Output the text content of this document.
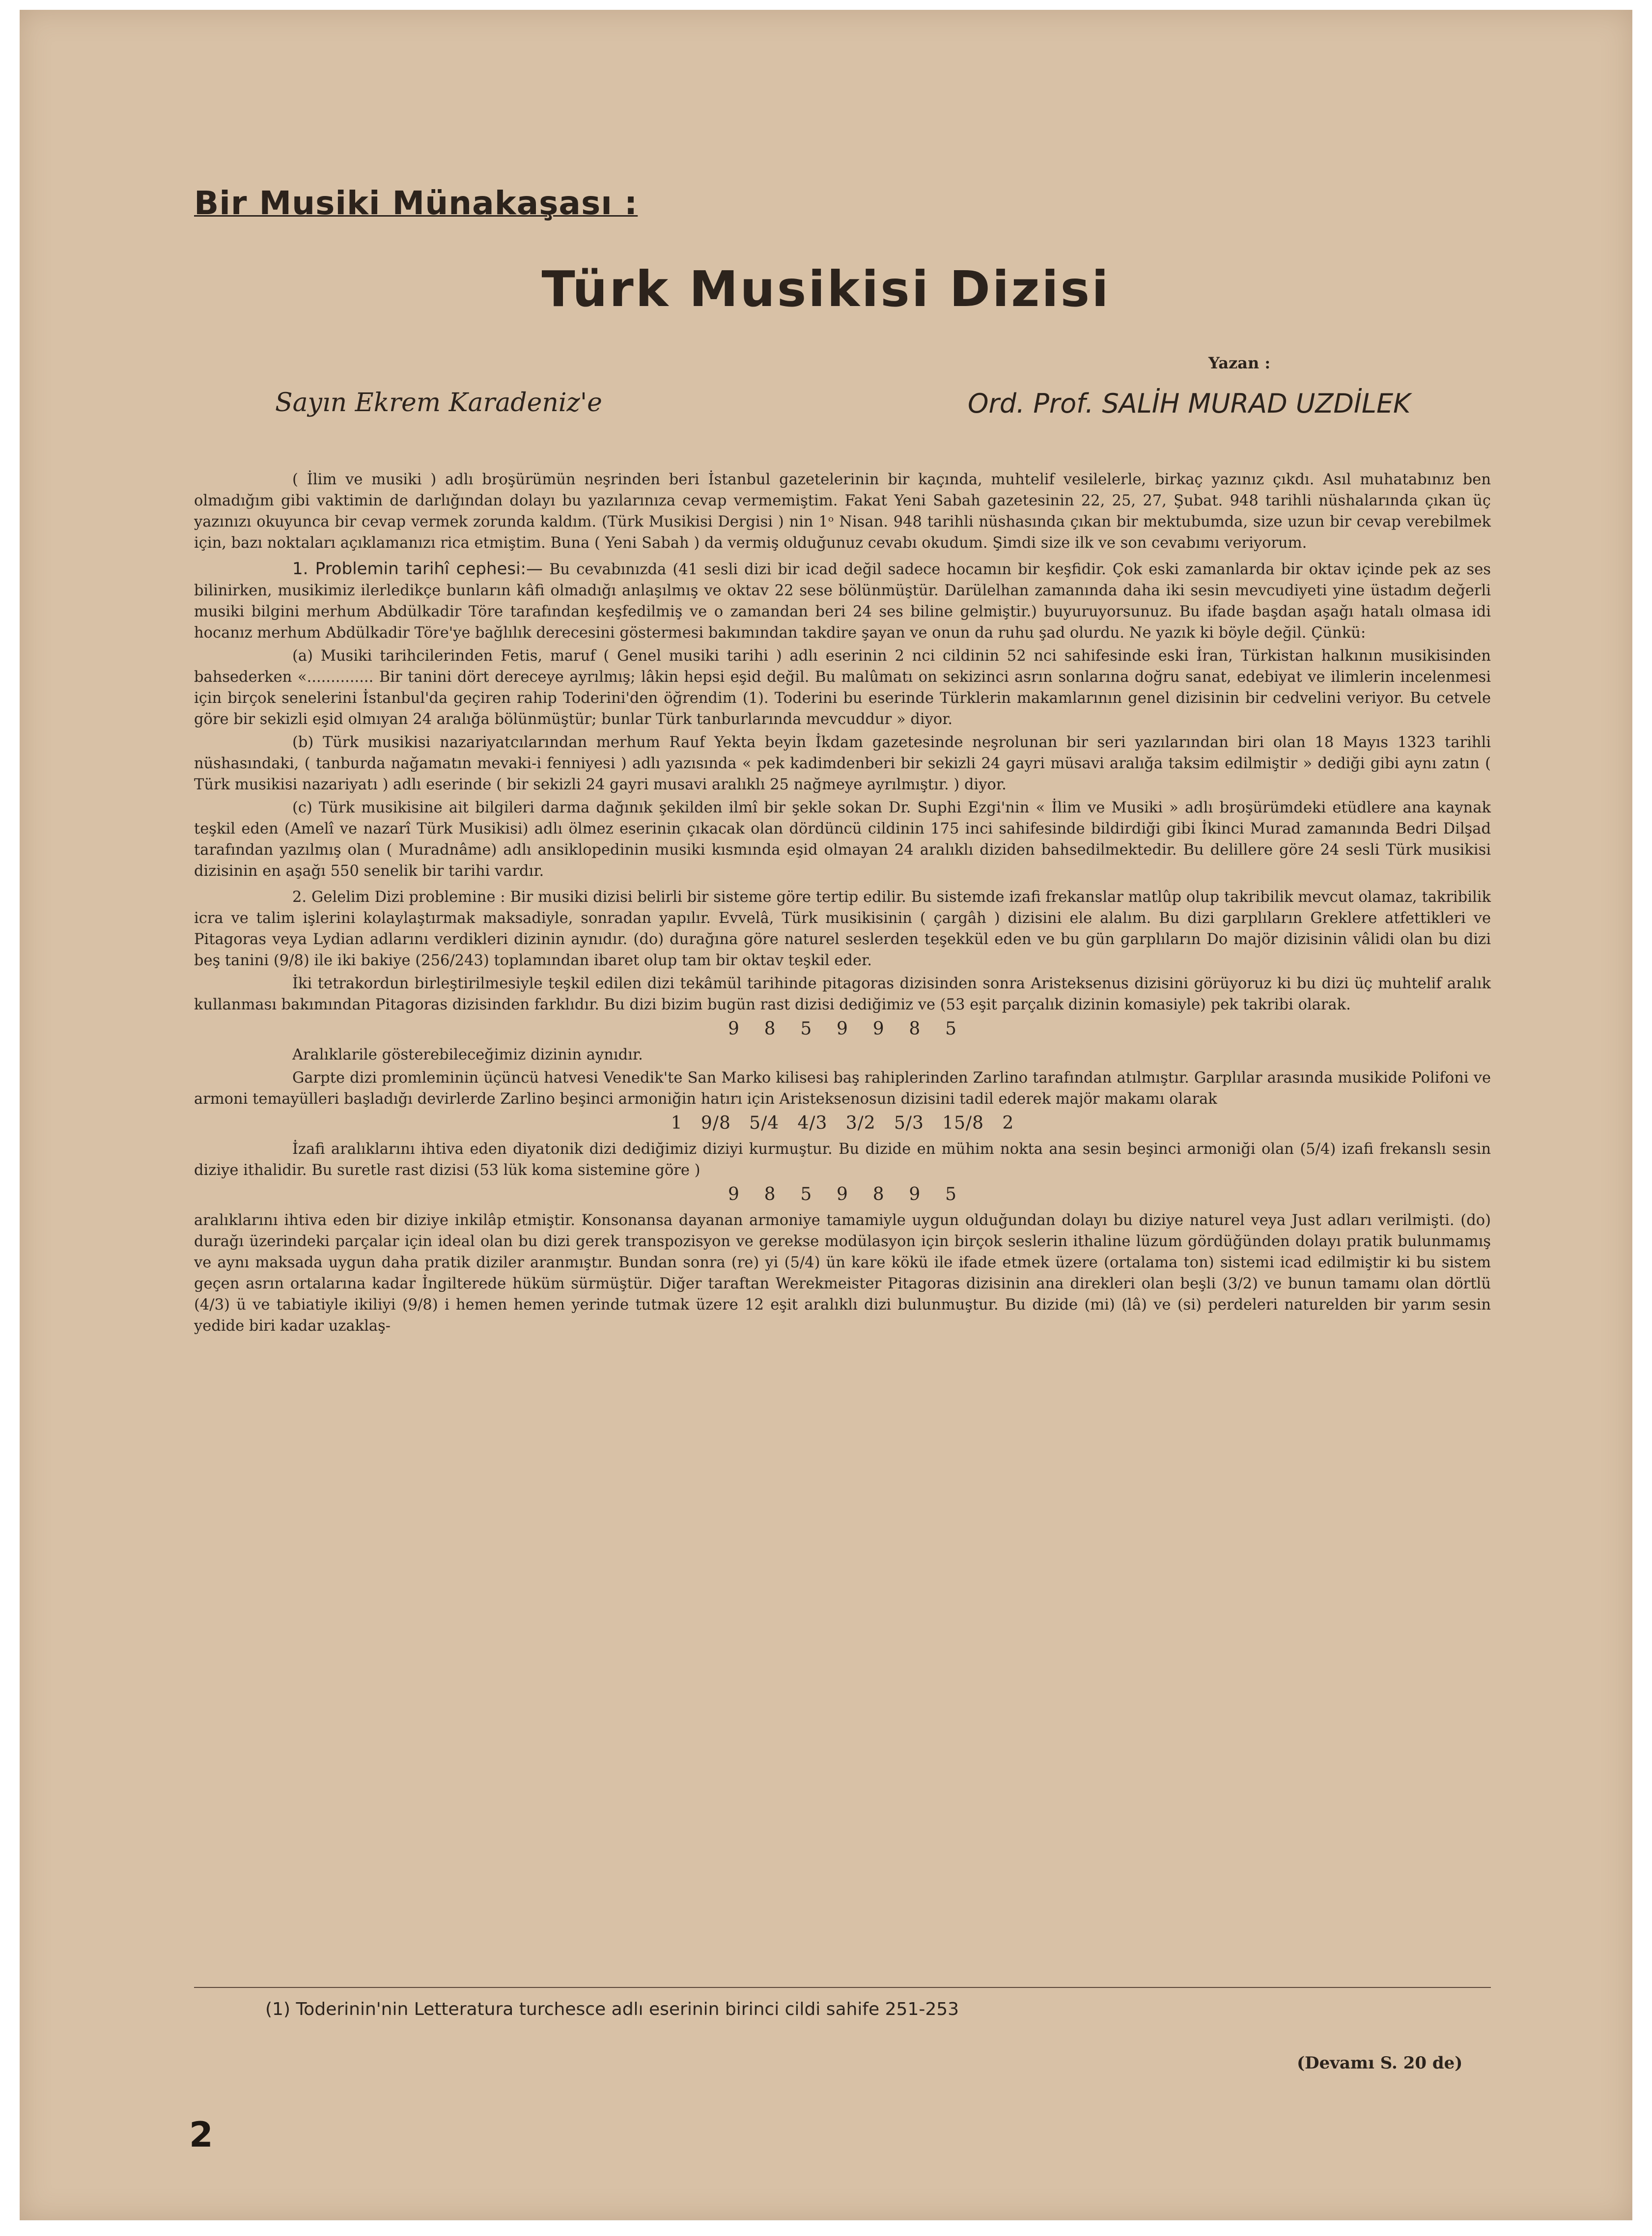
Bir Musiki Münakaşası :
Türk Musikisi Dizisi
Yazan :
Sayın Ekrem Karadeniz'e	Ord. Prof. SALİH MURAD UZDİLEK

( İlim ve musiki ) adlı broşürümün neşrinden beri İstanbul gazetelerinin bir kaçında, muhtelif vesilelerle, birkaç yazınız çıkdı. Asıl muhatabınız ben olmadığım gibi vaktimin de darlığından dolayı bu yazılarınıza cevap vermemiştim. Fakat Yeni Sabah gazetesinin 22, 25, 27, Şubat. 948 tarihli nüshalarında çıkan üç yazınızı okuyunca bir cevap vermek zorunda kaldım. (Türk Musikisi Dergisi ) nin 1ᵒ Nisan. 948 tarihli nüshasında çıkan bir mektubumda, size uzun bir cevap verebilmek için, bazı noktaları açıklamanızı rica etmiştim. Buna ( Yeni Sabah ) da vermiş olduğunuz cevabı okudum. Şimdi size ilk ve son cevabımı veriyorum.

1. Problemin tarihî cephesi:— Bu cevabınızda (41 sesli dizi bir icad değil sadece hocamın bir keşfidir. Çok eski zamanlarda bir oktav içinde pek az ses bilinirken, musikimiz ilerledikçe bunların kâfi olmadığı anlaşılmış ve oktav 22 sese bölünmüştür. Darülelhan zamanında daha iki sesin mevcudiyeti yine üstadım değerli musiki bilgini merhum Abdülkadir Töre tarafından keşfedilmiş ve o zamandan beri 24 ses biline gelmiştir.) buyuruyorsunuz. Bu ifade başdan aşağı hatalı olmasa idi hocanız merhum Abdülkadir Töre'ye bağlılık derecesini göstermesi bakımından takdire şayan ve onun da ruhu şad olurdu. Ne yazık ki böyle değil. Çünkü:

(a) Musiki tarihcilerinden Fetis, maruf ( Genel musiki tarihi ) adlı eserinin 2 nci cildinin 52 nci sahifesinde eski İran, Türkistan halkının musikisinden bahsederken «.............. Bir tanini dört dereceye ayrılmış; lâkin hepsi eşid değil. Bu malûmatı on sekizinci asrın sonlarına doğru sanat, edebiyat ve ilimlerin incelenmesi için birçok senelerini İstanbul'da geçiren rahip Toderini'den öğrendim (1). Toderini bu eserinde Türklerin makamlarının genel dizisinin bir cedvelini veriyor. Bu cetvele göre bir sekizli eşid olmıyan 24 aralığa bölünmüştür; bunlar Türk tanburlarında mevcuddur » diyor.

(b) Türk musikisi nazariyatcılarından merhum Rauf Yekta beyin İkdam gazetesinde neşrolunan bir seri yazılarından biri olan 18 Mayıs 1323 tarihli nüshasındaki, ( tanburda nağamatın mevaki-i fenniyesi ) adlı yazısında « pek kadimdenberi bir sekizli 24 gayri müsavi aralığa taksim edilmiştir » dediği gibi aynı zatın ( Türk musikisi nazariyatı ) adlı eserinde ( bir sekizli 24 gayri musavi aralıklı 25 nağmeye ayrılmıştır. ) diyor.

(c) Türk musikisine ait bilgileri darma dağınık şekilden ilmî bir şekle sokan Dr. Suphi Ezgi'nin « İlim ve Musiki » adlı broşürümdeki etüdlere ana kaynak teşkil eden (Amelî ve nazarî Türk Musikisi) adlı ölmez eserinin çıkacak olan dördüncü cildinin 175 inci sahifesinde bildirdiği gibi İkinci Murad zamanında Bedri Dilşad tarafından yazılmış olan ( Muradnâme) adlı ansiklopedinin musiki kısmında eşid olmayan 24 aralıklı diziden bahsedilmektedir. Bu delillere göre 24 sesli Türk musikisi dizisinin en aşağı 550 senelik bir tarihi vardır.

2. Gelelim Dizi problemine : Bir musiki dizisi belirli bir sisteme göre tertip edilir. Bu sistemde izafi frekanslar matlûp olup takribilik mevcut olamaz, takribilik icra ve talim işlerini kolaylaştırmak maksadiyle, sonradan yapılır. Evvelâ, Türk musikisinin ( çargâh ) dizisini ele alalım. Bu dizi garplıların Greklere atfettikleri ve Pitagoras veya Lydian adlarını verdikleri dizinin aynıdır. (do) durağına göre naturel seslerden teşekkül eden ve bu gün garplıların Do majör dizisinin vâlidi olan bu dizi beş tanini (9/8) ile iki bakiye (256/243) toplamından ibaret olup tam bir oktav teşkil eder.

İki tetrakordun birleştirilmesiyle teşkil edilen dizi tekâmül tarihinde pitagoras dizisinden sonra Aristeksenus dizisini görüyoruz ki bu dizi üç muhtelif aralık kullanması bakımından Pitagoras dizisinden farklıdır. Bu dizi bizim bugün rast dizisi dediğimiz ve (53 eşit parçalık dizinin komasiyle) pek takribi olarak.

9    8    5    9    9    8    5

Aralıklarile gösterebileceğimiz dizinin aynıdır.

Garpte dizi promleminin üçüncü hatvesi Venedik'te San Marko kilisesi baş rahiplerinden Zarlino tarafından atılmıştır. Garplılar arasında musikide Polifoni ve armoni temayülleri başladığı devirlerde Zarlino beşinci armoniğin hatırı için Aristeksenosun dizisini tadil ederek majör makamı olarak

1   9/8   5/4   4/3   3/2   5/3   15/8   2

İzafi aralıklarını ihtiva eden diyatonik dizi dediğimiz diziyi kurmuştur. Bu dizide en mühim nokta ana sesin beşinci armoniği olan (5/4) izafi frekanslı sesin diziye ithalidir. Bu suretle rast dizisi (53 lük koma sistemine göre )

9    8    5    9    8    9    5

aralıklarını ihtiva eden bir diziye inkilâp etmiştir. Konsonansa dayanan armoniye tamamiyle uygun olduğundan dolayı bu diziye naturel veya Just adları verilmişti. (do) durağı üzerindeki parçalar için ideal olan bu dizi gerek transpozisyon ve gerekse modülasyon için birçok seslerin ithaline lüzum gördüğünden dolayı pratik bulunmamış ve aynı maksada uygun daha pratik diziler aranmıştır. Bundan sonra (re) yi (5/4) ün kare kökü ile ifade etmek üzere (ortalama ton) sistemi icad edilmiştir ki bu sistem geçen asrın ortalarına kadar İngilterede hüküm sürmüştür. Diğer taraftan Werekmeister Pitagoras dizisinin ana direkleri olan beşli (3/2) ve bunun tamamı olan dörtlü (4/3) ü ve tabiatiyle ikiliyi (9/8) i hemen hemen yerinde tutmak üzere 12 eşit aralıklı dizi bulunmuştur. Bu dizide (mi) (lâ) ve (si) perdeleri naturelden bir yarım sesin yedide biri kadar uzaklaş-

(1) Toderinin'nin Letteratura turchesce adlı eserinin birinci cildi sahife 251-253
(Devamı S. 20 de)
2
